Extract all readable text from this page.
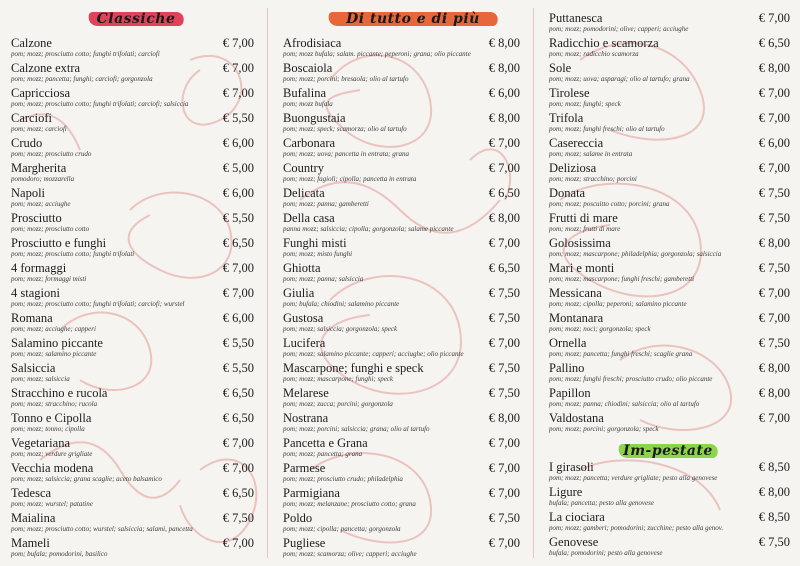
Classiche
Calzone	€ 7,00
pom; mozz; prosciutto cotto; funghi trifolati; carciofi
Calzone extra	€ 7,00
pom; mozz; pancetta; funghi; carciofi; gorgonzola
Capricciosa	€ 7,00
pom; mozz; prosciutto cotto; funghi trifolati; carciofi; salsiccia
Carciofi	€ 5,50
pom; mozz; carciofi
Crudo	€ 6,00
pom; mozz; prosciutto crudo
Margherita	€ 5,00
pomodoro; mozzarella
Napoli	€ 6,00
pom; mozz; acciughe
Prosciutto	€ 5,50
pom; mozz; prosciutto cotto
Prosciutto e funghi	€ 6,50
pom; mozz; prosciutto cotto; funghi trifolati
4 formaggi	€ 7,00
pom; mozz; formaggi misti
4 stagioni	€ 7,00
pom; mozz; prosciutto cotto; funghi trifolati; carciofi; wurstel
Romana	€ 6,00
pom; mozz; acciughe; capperi
Salamino piccante	€ 5,50
pom; mozz; salamino piccante
Salsiccia	€ 5,50
pom; mozz; salsiccia
Stracchino e rucola	€ 6,50
pom; mozz; stracchino; rucola
Tonno e Cipolla	€ 6,50
pom; mozz; tonno; cipolla
Vegetariana	€ 7,00
pom; mozz; verdure grigliate
Vecchia modena	€ 7,00
pom; mozz; salsiccia; grana scaglie; aceto balsamico
Tedesca	€ 6,50
pom; mozz; wurstel; patatine
Maialina	€ 7,50
pom; mozz; prosciutto cotto; wurstel; salsiccia; salami, pancetta
Mameli	€ 7,00
pom; bufala; pomodorini, basilico
Di tutto e di più
Afrodisiaca	€ 8,00
pom; mozz bufala; salam. piccante; peperoni; grana; olio piccante
Boscaiola	€ 8,00
pom; mozz; porcini; bresaola; olio al tartufo
Bufalina	€ 6,00
pom; mozz bufala
Buongustaia	€ 8,00
pom; mozz; speck; scamorza; olio al tartufo
Carbonara	€ 7,00
pom; mozz; uova; pancetta in entrata; grana
Country	€ 7,00
pom; mozz; fagioli; cipolla; pancetta in entrata
Delicata	€ 6,50
pom; mozz; panna; gamberetti
Della casa	€ 8,00
panna mozz; salsiccia; cipolla; gorgonzola; salame piccante
Funghi misti	€ 7,00
pom; mozz; misto funghi
Ghiotta	€ 6,50
pom; mozz; panna; salsiccia
Giulia	€ 7,50
pom; bufala; chiodini; salamino piccante
Gustosa	€ 7,50
pom; mozz; salsiccia; gorgonzola; speck
Lucifera	€ 7,00
pom; mozz; salamino piccante; capperi; acciughe; olio piccante
Mascarpone; funghi e speck	€ 7,50
pom; mozz; mascarpone; funghi; speck
Melarese	€ 7,50
pom; mozz; zucca; porcini; gorgonzola
Nostrana	€ 8,00
pom; mozz; porcini; salsiccia; grana; olio al tartufo
Pancetta e Grana	€ 7,00
pom; mozz; pancetta; grana
Parmese	€ 7,00
pom; mozz; prosciutto crudo; philadelphia
Parmigiana	€ 7,00
pom; mozz; melanzane; prosciutto cotto; grana
Poldo	€ 7,50
pom; mozz; cipolla; pancetta; gorgonzola
Pugliese	€ 7,00
pom; mozz; scamorza; olive; capperi; acciughe
Puttanesca	€ 7,00
pom; mozz; pomodorini; olive; capperi; acciughe
Radicchio e scamorza	€ 6,50
pom; mozz; radicchio scamorza
Sole	€ 8,00
pom; mozz; uova; asparagi; olio al tartufo; grana
Tirolese	€ 7,00
pom; mozz; funghi; speck
Trifola	€ 7,00
pom; mozz; funghi freschi; olio al tartufo
Casereccia	€ 6,00
pom; mozz; salame in entrata
Deliziosa	€ 7,00
pom; mozz; stracchino; porcini
Donata	€ 7,50
pom; mozz; poscuitto cotto; porcini; grana
Frutti di mare	€ 7,50
pom; mozz; frutti di mare
Golosissima	€ 8,00
pom; mozz; mascarpone; philadelphia; gorgonzola; salsiccia
Mari e monti	€ 7,50
pom; mozz; mascarpone; funghi freschi; gamberetti
Messicana	€ 7,00
pom; mozz; cipolla; peperoni; salamino piccante
Montanara	€ 7,00
pom; mozz; noci; gorgonzola; speck
Ornella	€ 7,50
pom; mozz; pancetta; funghi freschi; scaglie grana
Pallino	€ 8,00
pom; mozz; funghi freschi; prosciutto crudo; olio piccante
Papillon	€ 8,00
pom; mozz; panna; chiodini; salsiccia; olio al tartufo
Valdostana	€ 7,00
pom; mozz; porcini; gorgonzola; speck
Im-pestate
I girasoli	€ 8,50
pom; mozz; pancetta; verdure grigliate; pesto alla genovese
Ligure	€ 8,00
bufala; pancetta; pesto alla genovese
La ciociara	€ 8,50
pom; mozz; gamberi; pomodorini; zucchine; pesto alla genov.
Genovese	€ 7,50
bufala; pomodorini; pesto alla genovese
